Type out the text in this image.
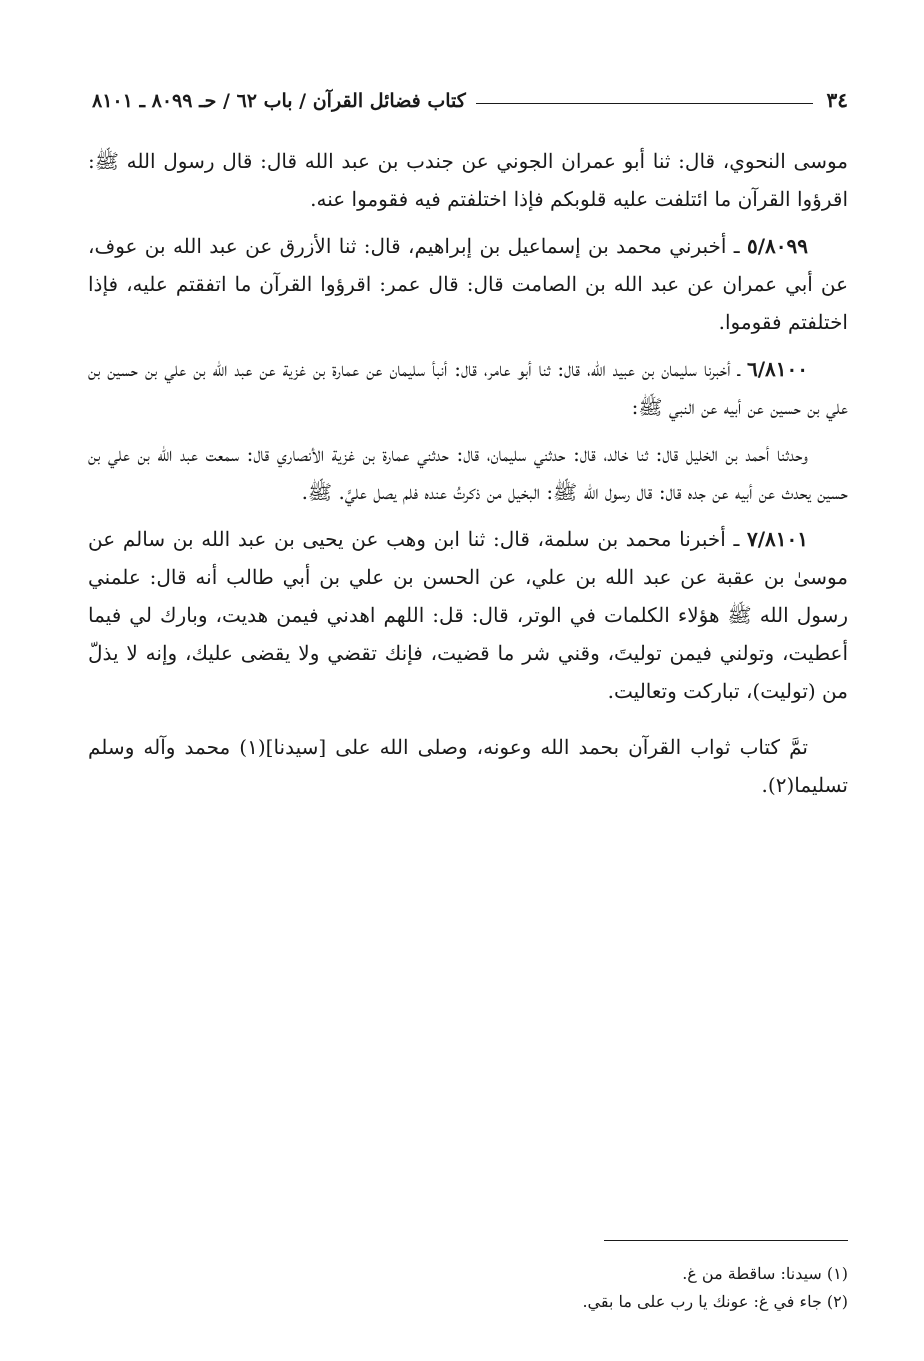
٣٤
كتاب فضائل القرآن / باب ٦٢ / حـ ٨٠٩٩ ـ ٨١٠١

موسى النحوي، قال: ثنا أبو عمران الجوني عن جندب بن عبد الله قال: قال رسول الله ﷺ: اقرؤوا القرآن ما ائتلفت عليه قلوبكم فإذا اختلفتم فيه فقوموا عنه.

٥/٨٠٩٩ ـ أخبرني محمد بن إسماعيل بن إبراهيم، قال: ثنا الأزرق عن عبد الله بن عوف، عن أبي عمران عن عبد الله بن الصامت قال: قال عمر: اقرؤوا القرآن ما اتفقتم عليه، فإذا اختلفتم فقوموا.

٦/٨١٠٠ ـ أخبرنا سليمان بن عبيد الله، قال: ثنا أبو عامر، قال: أنبأ سليمان عن عمارة بن غزية عن عبد الله بن علي بن حسين بن علي بن حسين عن أبيه عن النبي ﷺ:

وحدثنا أحمد بن الخليل قال: ثنا خالد، قال: حدثني سليمان، قال: حدثني عمارة بن غزية الأنصاري قال: سمعت عبد الله بن علي بن حسين يحدث عن أبيه عن جده قال: قال رسول الله ﷺ: البخيل من ذكرتُ عنده فلم يصل عليَّ. ﷺ.

٧/٨١٠١ ـ أخبرنا محمد بن سلمة، قال: ثنا ابن وهب عن يحيى بن عبد الله بن سالم عن موسىٰ بن عقبة عن عبد الله بن علي، عن الحسن بن علي بن أبي طالب أنه قال: علمني رسول الله ﷺ هؤلاء الكلمات في الوتر، قال: قل: اللهم اهدني فيمن هديت، وبارك لي فيما أعطيت، وتولني فيمن توليتَ، وقني شر ما قضيت، فإنك تقضي ولا يقضى عليك، وإنه لا يذلّ من (توليت)، تباركت وتعاليت.

تمَّ كتاب ثواب القرآن بحمد الله وعونه، وصلى الله على [سيدنا](١) محمد وآله وسلم تسليما(٢).

(١) سيدنا: ساقطة من غ.
(٢) جاء في غ: عونك يا رب على ما بقي.
